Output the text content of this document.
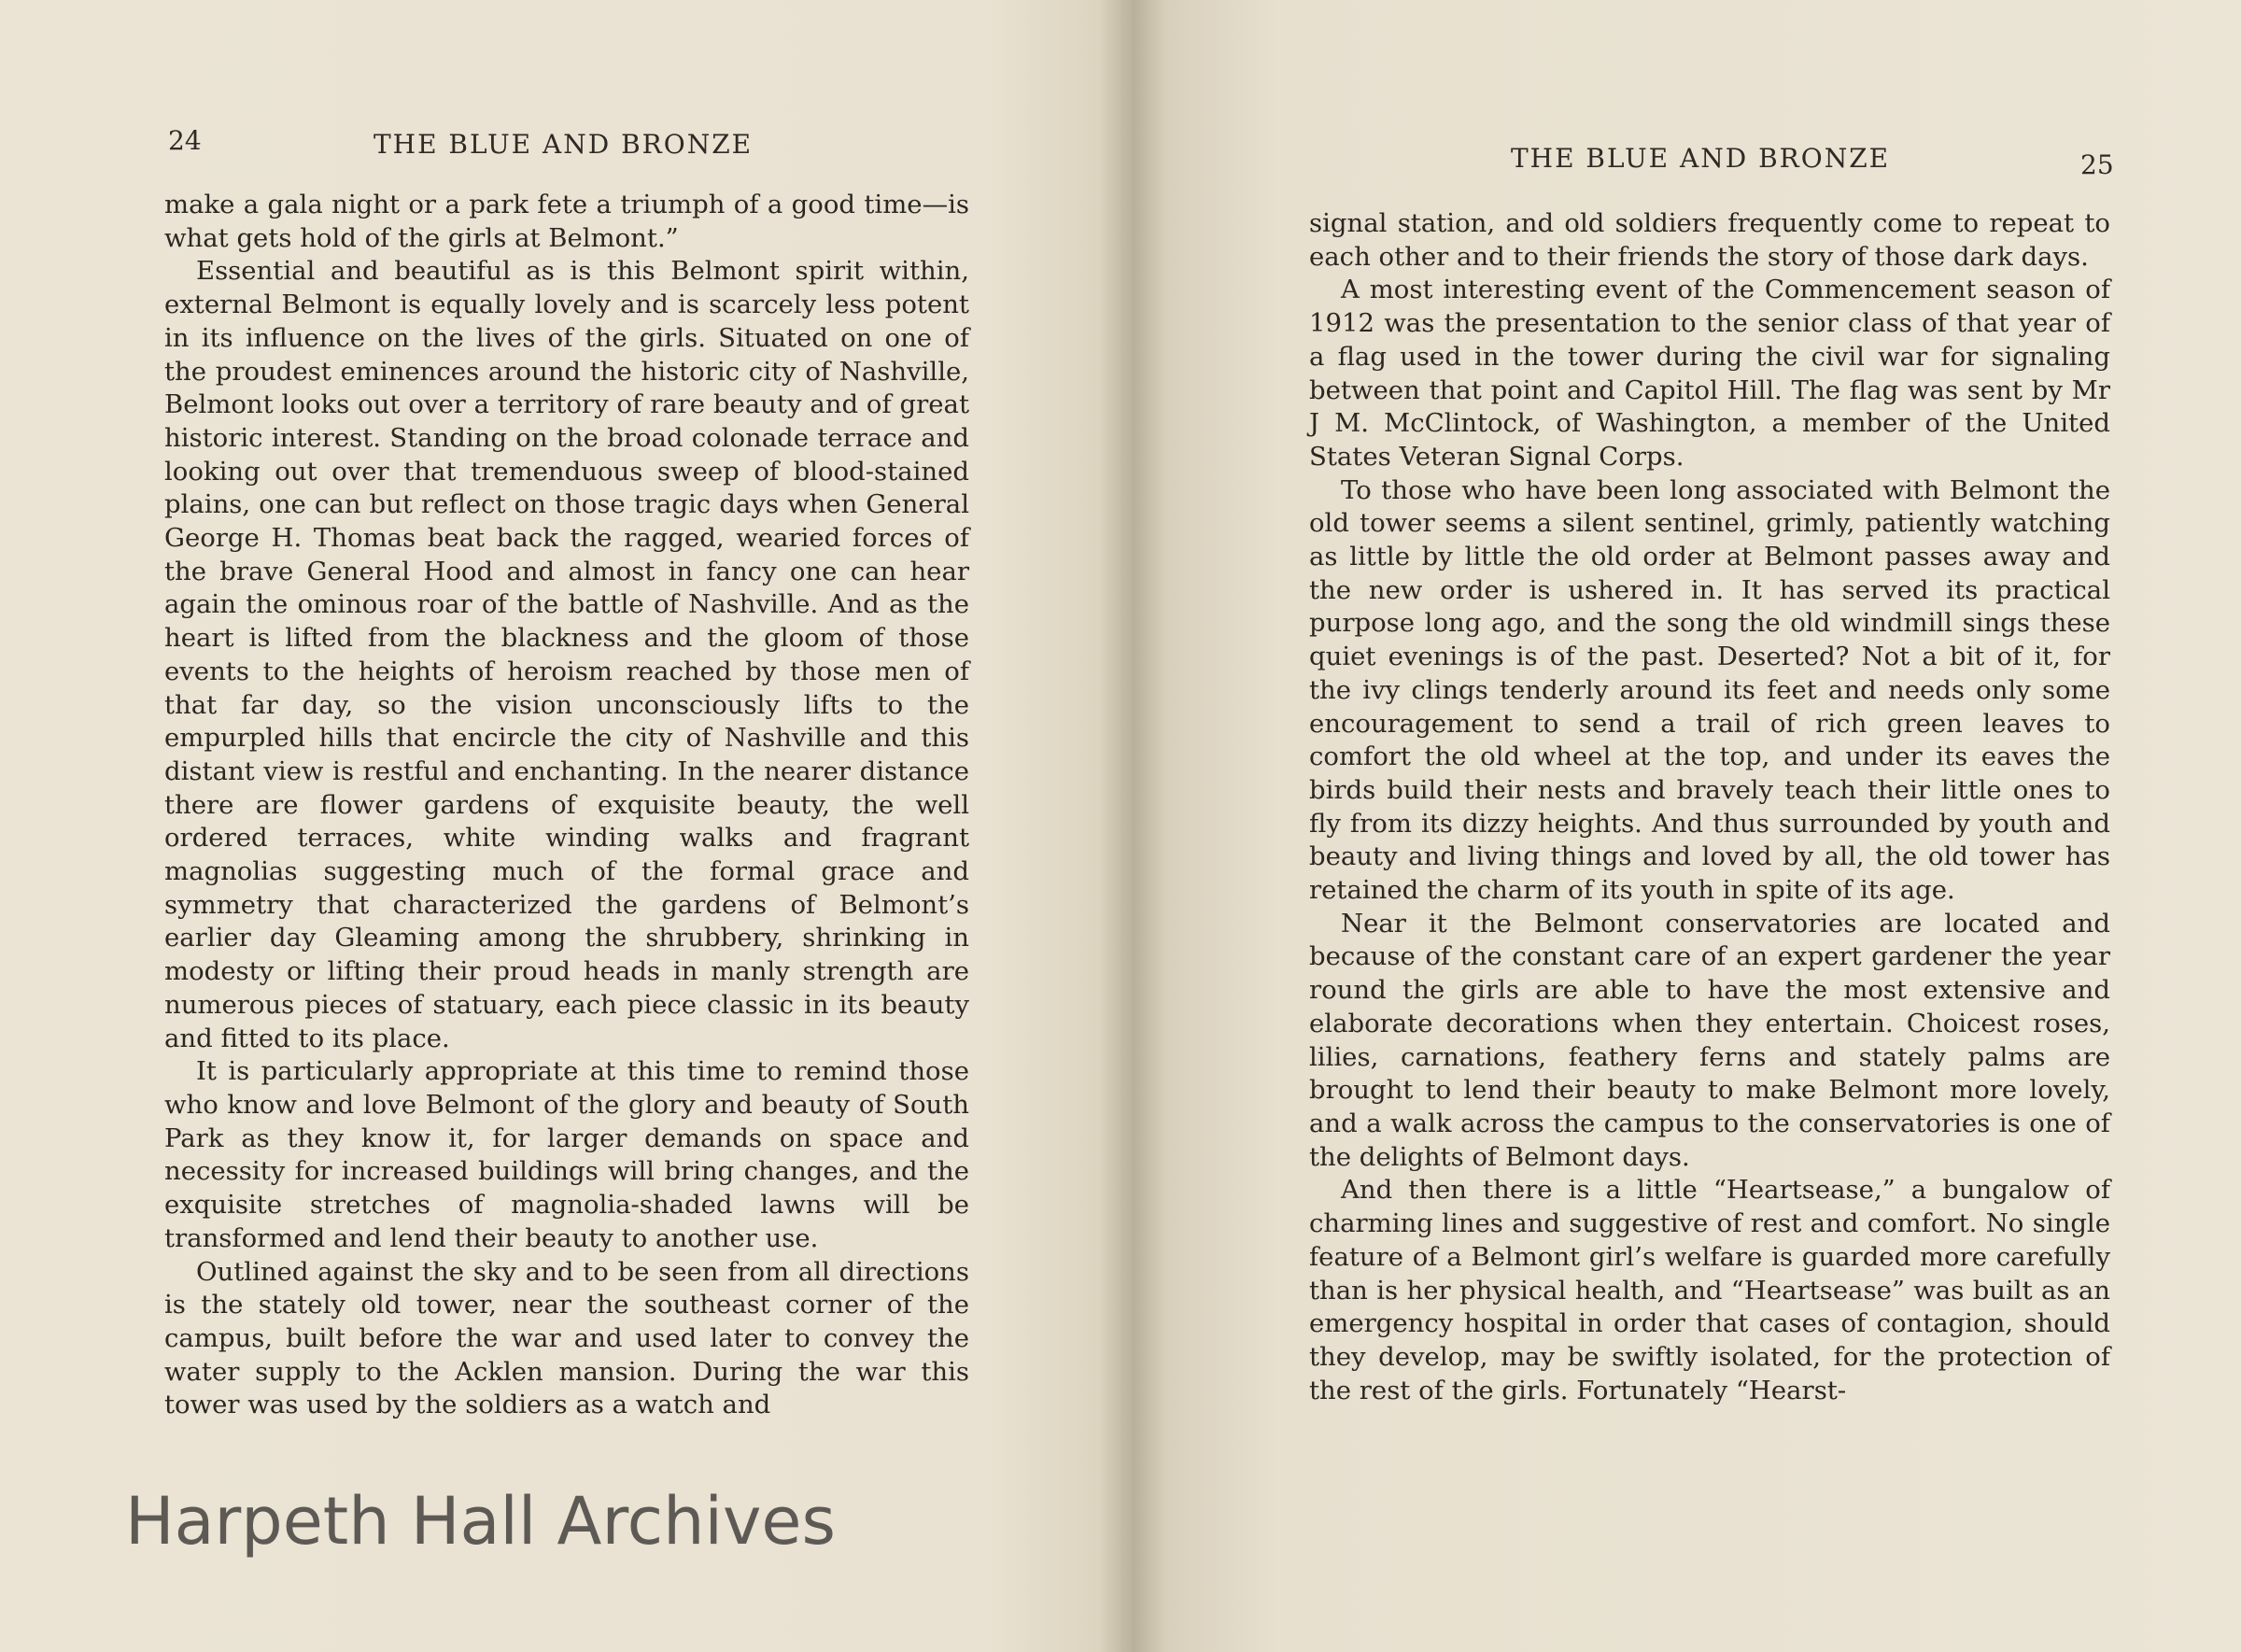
24	THE BLUE AND BRONZE

make a gala night or a park fete a triumph of a good time—is what gets hold of the girls at Belmont.”

Essential and beautiful as is this Belmont spirit within, external Belmont is equally lovely and is scarcely less potent in its influence on the lives of the girls. Situated on one of the proudest eminences around the historic city of Nashville, Belmont looks out over a territory of rare beauty and of great historic interest. Standing on the broad colonade terrace and looking out over that tremenduous sweep of blood-stained plains, one can but reflect on those tragic days when General George H. Thomas beat back the ragged, wearied forces of the brave General Hood and almost in fancy one can hear again the ominous roar of the battle of Nashville. And as the heart is lifted from the blackness and the gloom of those events to the heights of heroism reached by those men of that far day, so the vision unconsciously lifts to the empurpled hills that encircle the city of Nashville and this distant view is restful and enchanting. In the nearer distance there are flower gardens of exquisite beauty, the well ordered terraces, white winding walks and fragrant magnolias suggesting much of the formal grace and symmetry that characterized the gardens of Belmont’s earlier day Gleaming among the shrubbery, shrinking in modesty or lifting their proud heads in manly strength are numerous pieces of statuary, each piece classic in its beauty and fitted to its place.

It is particularly appropriate at this time to remind those who know and love Belmont of the glory and beauty of South Park as they know it, for larger demands on space and necessity for increased buildings will bring changes, and the exquisite stretches of magnolia-shaded lawns will be transformed and lend their beauty to another use.

Outlined against the sky and to be seen from all directions is the stately old tower, near the southeast corner of the campus, built before the war and used later to convey the water supply to the Acklen mansion. During the war this tower was used by the soldiers as a watch and

Harpeth Hall Archives
THE BLUE AND BRONZE	25

signal station, and old soldiers frequently come to repeat to each other and to their friends the story of those dark days.

A most interesting event of the Commencement season of 1912 was the presentation to the senior class of that year of a flag used in the tower during the civil war for signaling between that point and Capitol Hill. The flag was sent by Mr J M. McClintock, of Washington, a member of the United States Veteran Signal Corps.

To those who have been long associated with Belmont the old tower seems a silent sentinel, grimly, patiently watching as little by little the old order at Belmont passes away and the new order is ushered in. It has served its practical purpose long ago, and the song the old windmill sings these quiet evenings is of the past. Deserted? Not a bit of it, for the ivy clings tenderly around its feet and needs only some encouragement to send a trail of rich green leaves to comfort the old wheel at the top, and under its eaves the birds build their nests and bravely teach their little ones to fly from its dizzy heights. And thus surrounded by youth and beauty and living things and loved by all, the old tower has retained the charm of its youth in spite of its age.

Near it the Belmont conservatories are located and because of the constant care of an expert gardener the year round the girls are able to have the most extensive and elaborate decorations when they entertain. Choicest roses, lilies, carnations, feathery ferns and stately palms are brought to lend their beauty to make Belmont more lovely, and a walk across the campus to the conservatories is one of the delights of Belmont days.

And then there is a little “Heartsease,” a bungalow of charming lines and suggestive of rest and comfort. No single feature of a Belmont girl’s welfare is guarded more carefully than is her physical health, and “Heartsease” was built as an emergency hospital in order that cases of contagion, should they develop, may be swiftly isolated, for the protection of the rest of the girls. Fortunately “Hearst-
